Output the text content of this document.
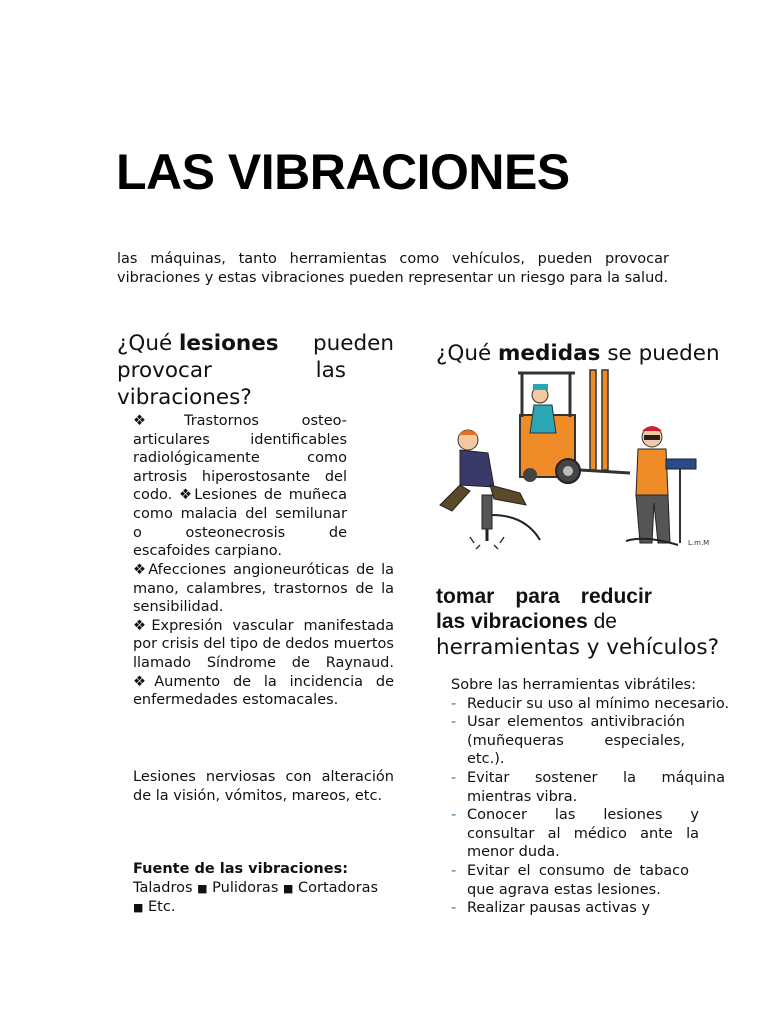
LAS VIBRACIONES
las máquinas, tanto herramientas como vehículos, pueden provocar vibraciones y estas vibraciones pueden representar un riesgo para la salud.
¿Qué lesiones pueden
provocar	las
vibraciones?
❖Trastornos osteo-articulares identificables radiológicamente como artrosis hiperostosante del codo. ❖Lesiones de muñeca como malacia del semilunar o osteonecrosis de escafoides carpiano.
❖Afecciones angioneuróticas de la mano, calambres, trastornos de la sensibilidad.
❖Expresión vascular manifestada por crisis del tipo de dedos muertos llamado Síndrome de Raynaud. ❖Aumento de la incidencia de enfermedades estomacales.
Lesiones nerviosas con alteración de la visión, vómitos, mareos, etc.
Fuente de las vibraciones:
Taladros ■ Pulidoras ■ Cortadoras
■ Etc.
¿Qué medidas se pueden
L.m.M
tomar para reducir
las vibraciones de
herramientas y vehículos?
Sobre las herramientas vibrátiles:
- Reducir su uso al mínimo necesario.
- Usar elementos antivibración (muñequeras especiales, etc.).
- Evitar sostener la máquina mientras vibra.
- Conocer las lesiones y consultar al médico ante la menor duda.
- Evitar el consumo de tabaco que agrava estas lesiones.
- Realizar pausas activas y
